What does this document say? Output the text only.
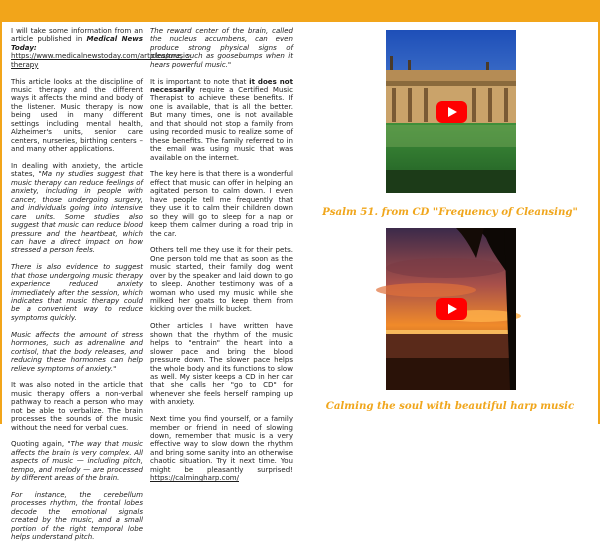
I will take some information from an article published in Medical News Today: https://www.medicalnewstoday.com/articles/music-therapy

This article looks at the discipline of music therapy and the different ways it affects the mind and body of the listener. Music therapy is now being used in many different settings including mental health, Alzheimer's units, senior care centers, nurseries, birthing centers – and many other applications.

In dealing with anxiety, the article states, "Ma ny studies suggest that music therapy can reduce feelings of anxiety, including in people with cancer, those undergoing surgery, and individuals going into intensive care units. Some studies also suggest that music can reduce blood pressure and the heartbeat, which can have a direct impact on how stressed a person feels.

There is also evidence to suggest that those undergoing music therapy experience reduced anxiety immediately after the session, which indicates that music therapy could be a convenient way to reduce symptoms quickly.

Music affects the amount of stress hormones, such as adrenaline and cortisol, that the body releases, and reducing these hormones can help relieve symptoms of anxiety."

It was also noted in the article that music therapy offers a non-verbal pathway to reach a person who may not be able to verbalize. The brain processes the sounds of the music without the need for verbal cues.

Quoting again, "The way that music affects the brain is very complex. All aspects of music — including pitch, tempo, and melody — are processed by different areas of the brain.

For instance, the cerebellum processes rhythm, the frontal lobes decode the emotional signals created by the music, and a small portion of the right temporal lobe helps understand pitch.

The reward center of the brain, called the nucleus accumbens, can even produce strong physical signs of pleasure, such as goosebumps when it hears powerful music."

It is important to note that it does not necessarily require a Certified Music Therapist to achieve these benefits. If one is available, that is all the better. But many times, one is not available and that should not stop a family from using recorded music to realize some of these benefits. The family referred to in the email was using music that was available on the internet.

The key here is that there is a wonderful effect that music can offer in helping an agitated person to calm down. I even have people tell me frequently that they use it to calm their children down so they will go to sleep for a nap or keep them calmer during a road trip in the car.

Others tell me they use it for their pets. One person told me that as soon as the music started, their family dog went over by the speaker and laid down to go to sleep. Another testimony was of a woman who used my music while she milked her goats to keep them from kicking over the milk bucket.

Other articles I have written have shown that the rhythm of the music helps to "entrain" the heart into a slower pace and bring the blood pressure down. The slower pace helps the whole body and its functions to slow as well. My sister keeps a CD in her car that she calls her "go to CD" for whenever she feels herself ramping up with anxiety.

Next time you find yourself, or a family member or friend in need of slowing down, remember that music is a very effective way to slow down the rhythm and bring some sanity into an otherwise chaotic situation. Try it next time. You might be pleasantly surprised! https://calmingharp.com/

Psalm 51. from CD "Frequency of Cleansing"
Calming the soul with beautiful harp music
